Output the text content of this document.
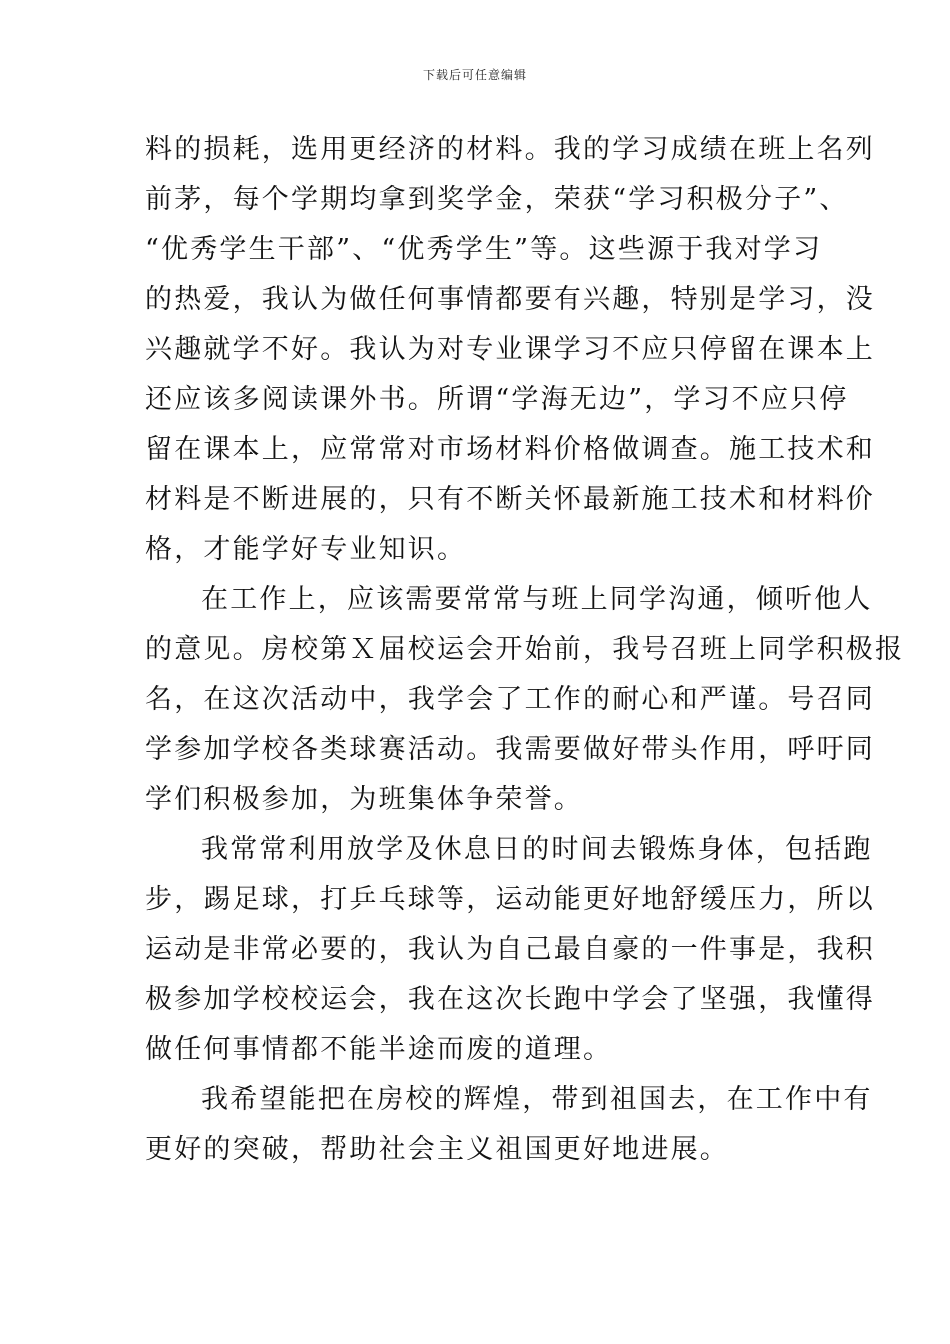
下载后可任意编辑
料的损耗，选用更经济的材料。我的学习成绩在班上名列
前茅，每个学期均拿到奖学金，荣获“学习积极分子”、
“优秀学生干部”、“优秀学生”等。这些源于我对学习
的热爱，我认为做任何事情都要有兴趣，特别是学习，没
兴趣就学不好。我认为对专业课学习不应只停留在课本上
还应该多阅读课外书。所谓“学海无边”，学习不应只停
留在课本上，应常常对市场材料价格做调查。施工技术和
材料是不断进展的，只有不断关怀最新施工技术和材料价
格，才能学好专业知识。
在工作上，应该需要常常与班上同学沟通，倾听他人
的意见。房校第Ｘ届校运会开始前，我号召班上同学积极报
名，在这次活动中，我学会了工作的耐心和严谨。号召同
学参加学校各类球赛活动。我需要做好带头作用，呼吁同
学们积极参加，为班集体争荣誉。
我常常利用放学及休息日的时间去锻炼身体，包括跑
步，踢足球，打乒乓球等，运动能更好地舒缓压力，所以
运动是非常必要的，我认为自己最自豪的一件事是，我积
极参加学校校运会，我在这次长跑中学会了坚强，我懂得
做任何事情都不能半途而废的道理。
我希望能把在房校的辉煌，带到祖国去，在工作中有
更好的突破，帮助社会主义祖国更好地进展。
